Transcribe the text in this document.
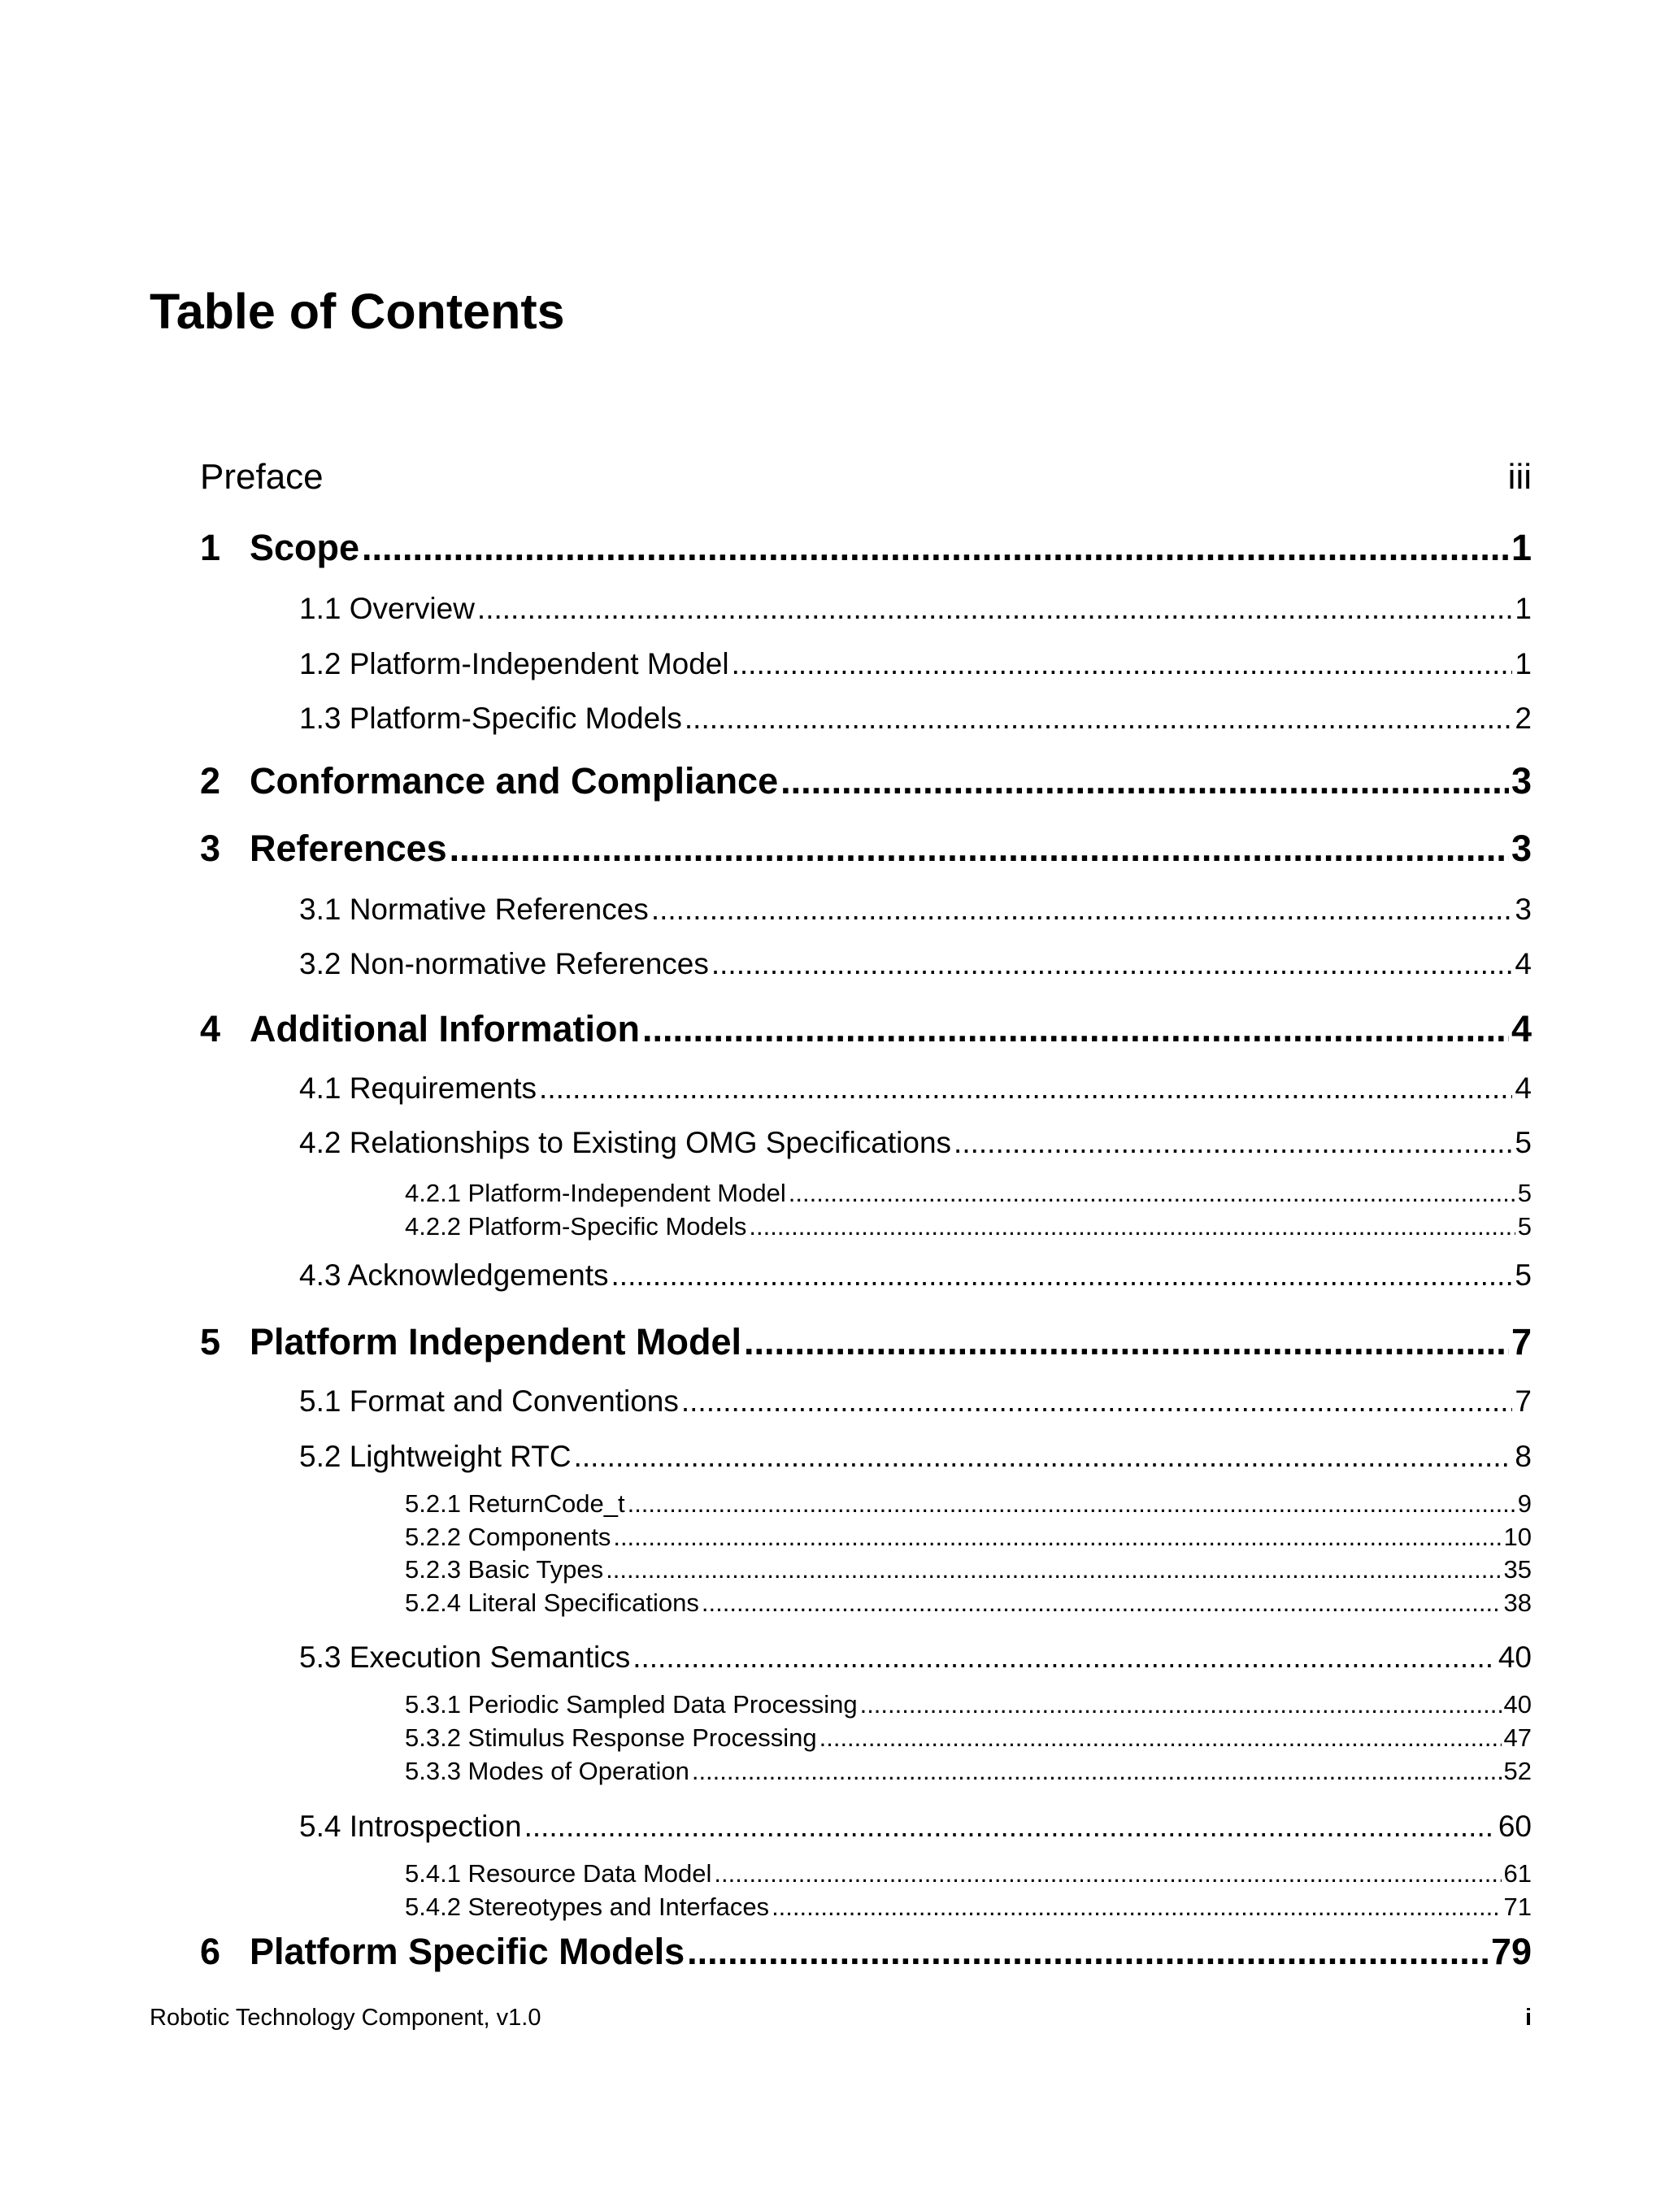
Table of Contents
Preface	iii
1 Scope .....	1
1.1 Overview .....	1
1.2 Platform-Independent Model .....	1
1.3 Platform-Specific Models .....	2
2 Conformance and Compliance .....	3
3 References .....	3
3.1 Normative References .....	3
3.2 Non-normative References .....	4
4 Additional Information .....	4
4.1 Requirements .....	4
4.2 Relationships to Existing OMG Specifications .....	5
4.2.1 Platform-Independent Model .....	5
4.2.2 Platform-Specific Models .....	5
4.3 Acknowledgements .....	5
5 Platform Independent Model .....	7
5.1 Format and Conventions .....	7
5.2 Lightweight RTC .....	8
5.2.1 ReturnCode_t .....	9
5.2.2 Components .....	10
5.2.3 Basic Types .....	35
5.2.4 Literal Specifications .....	38
5.3 Execution Semantics .....	40
5.3.1 Periodic Sampled Data Processing .....	40
5.3.2 Stimulus Response Processing .....	47
5.3.3 Modes of Operation .....	52
5.4 Introspection .....	60
5.4.1 Resource Data Model .....	61
5.4.2 Stereotypes and Interfaces .....	71
6 Platform Specific Models .....	79
Robotic Technology Component, v1.0	i
